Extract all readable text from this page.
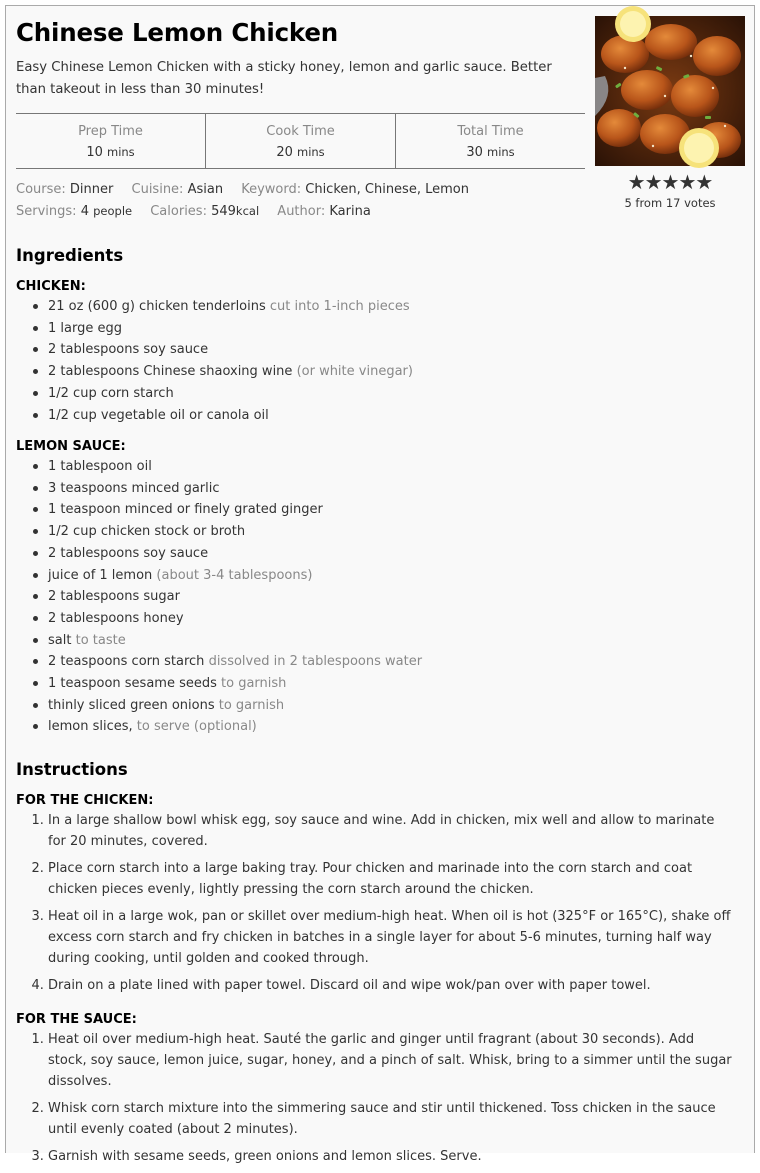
Chinese Lemon Chicken

Easy Chinese Lemon Chicken with a sticky honey, lemon and garlic sauce. Better than takeout in less than 30 minutes!

Prep Time
10 mins
Cook Time
20 mins
Total Time
30 mins
★★★★★
5 from 17 votes
Course: Dinner Cuisine: Asian Keyword: Chicken, Chinese, Lemon
Servings: 4 people Calories: 549kcal Author: Karina
Ingredients

CHICKEN:

21 oz (600 g) chicken tenderloins cut into 1-inch pieces
1 large egg
2 tablespoons soy sauce
2 tablespoons Chinese shaoxing wine (or white vinegar)
1/2 cup corn starch
1/2 cup vegetable oil or canola oil

LEMON SAUCE:

1 tablespoon oil
3 teaspoons minced garlic
1 teaspoon minced or finely grated ginger
1/2 cup chicken stock or broth
2 tablespoons soy sauce
juice of 1 lemon (about 3-4 tablespoons)
2 tablespoons sugar
2 tablespoons honey
salt to taste
2 teaspoons corn starch dissolved in 2 tablespoons water
1 teaspoon sesame seeds to garnish
thinly sliced green onions to garnish
lemon slices, to serve (optional)
Instructions

FOR THE CHICKEN:

1. In a large shallow bowl whisk egg, soy sauce and wine. Add in chicken, mix well and allow to marinate for 20 minutes, covered.
2. Place corn starch into a large baking tray. Pour chicken and marinade into the corn starch and coat chicken pieces evenly, lightly pressing the corn starch around the chicken.
3. Heat oil in a large wok, pan or skillet over medium-high heat. When oil is hot (325°F or 165°C), shake off excess corn starch and fry chicken in batches in a single layer for about 5-6 minutes, turning half way during cooking, until golden and cooked through.
4. Drain on a plate lined with paper towel. Discard oil and wipe wok/pan over with paper towel.

FOR THE SAUCE:

1. Heat oil over medium-high heat. Sauté the garlic and ginger until fragrant (about 30 seconds). Add stock, soy sauce, lemon juice, sugar, honey, and a pinch of salt. Whisk, bring to a simmer until the sugar dissolves.
2. Whisk corn starch mixture into the simmering sauce and stir until thickened. Toss chicken in the sauce until evenly coated (about 2 minutes).
3. Garnish with sesame seeds, green onions and lemon slices. Serve.
